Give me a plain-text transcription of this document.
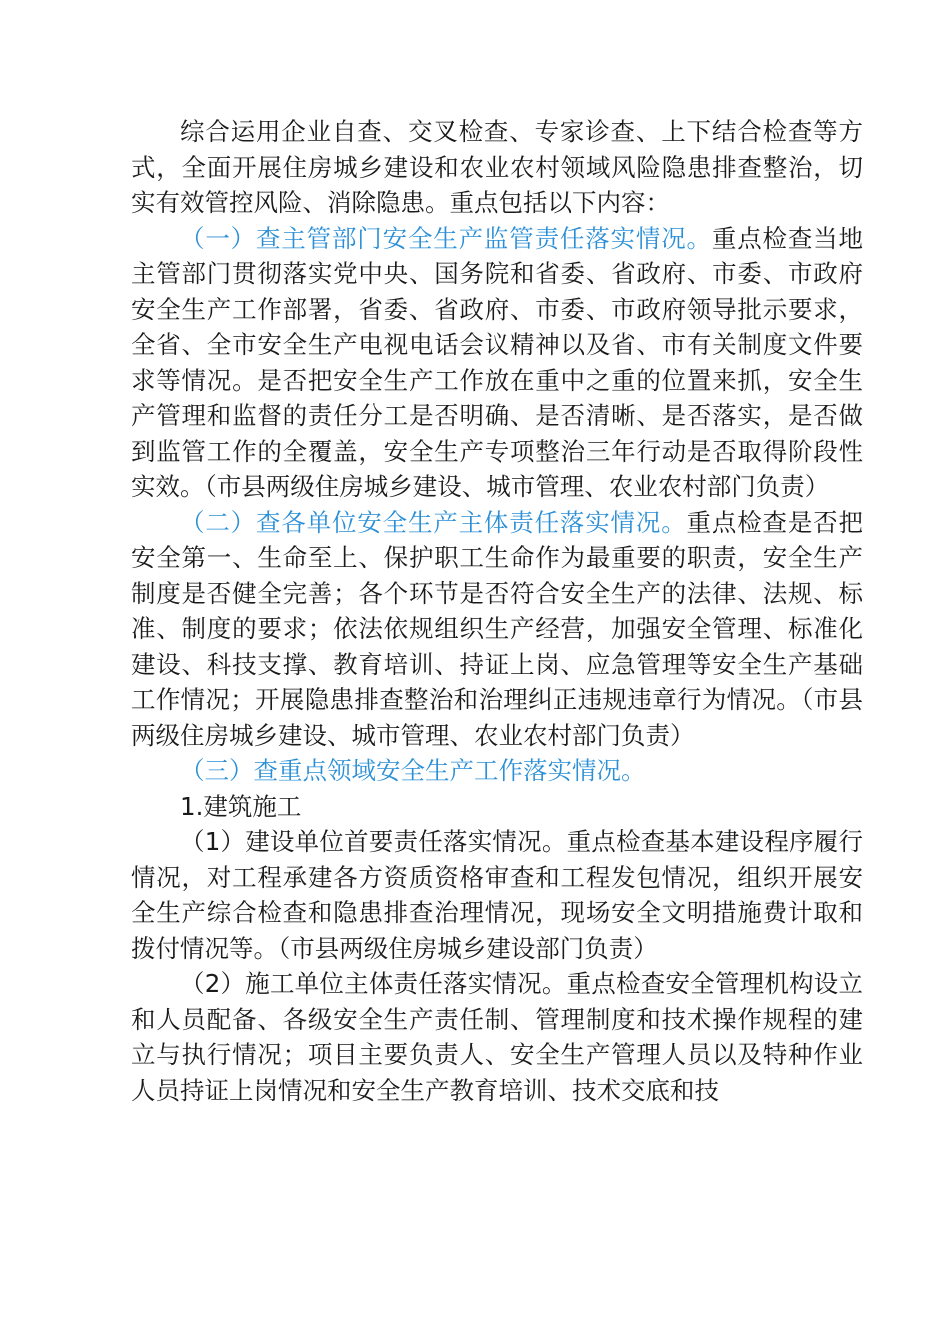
综合运用企业自查、交叉检查、专家诊查、上下结合检查等方式，全面开展住房城乡建设和农业农村领域风险隐患排查整治，切实有效管控风险、消除隐患。重点包括以下内容：

（一）查主管部门安全生产监管责任落实情况。重点检查当地主管部门贯彻落实党中央、国务院和省委、省政府、市委、市政府安全生产工作部署，省委、省政府、市委、市政府领导批示要求，全省、全市安全生产电视电话会议精神以及省、市有关制度文件要求等情况。是否把安全生产工作放在重中之重的位置来抓，安全生产管理和监督的责任分工是否明确、是否清晰、是否落实，是否做到监管工作的全覆盖，安全生产专项整治三年行动是否取得阶段性实效。（市县两级住房城乡建设、城市管理、农业农村部门负责）

（二）查各单位安全生产主体责任落实情况。重点检查是否把安全第一、生命至上、保护职工生命作为最重要的职责，安全生产制度是否健全完善；各个环节是否符合安全生产的法律、法规、标准、制度的要求；依法依规组织生产经营，加强安全管理、标准化建设、科技支撑、教育培训、持证上岗、应急管理等安全生产基础工作情况；开展隐患排查整治和治理纠正违规违章行为情况。（市县两级住房城乡建设、城市管理、农业农村部门负责）

（三）查重点领域安全生产工作落实情况。

1.建筑施工

（1）建设单位首要责任落实情况。重点检查基本建设程序履行情况，对工程承建各方资质资格审查和工程发包情况，组织开展安全生产综合检查和隐患排查治理情况，现场安全文明措施费计取和拨付情况等。（市县两级住房城乡建设部门负责）

（2）施工单位主体责任落实情况。重点检查安全管理机构设立和人员配备、各级安全生产责任制、管理制度和技术操作规程的建立与执行情况；项目主要负责人、安全生产管理人员以及特种作业人员持证上岗情况和安全生产教育培训、技术交底和技
